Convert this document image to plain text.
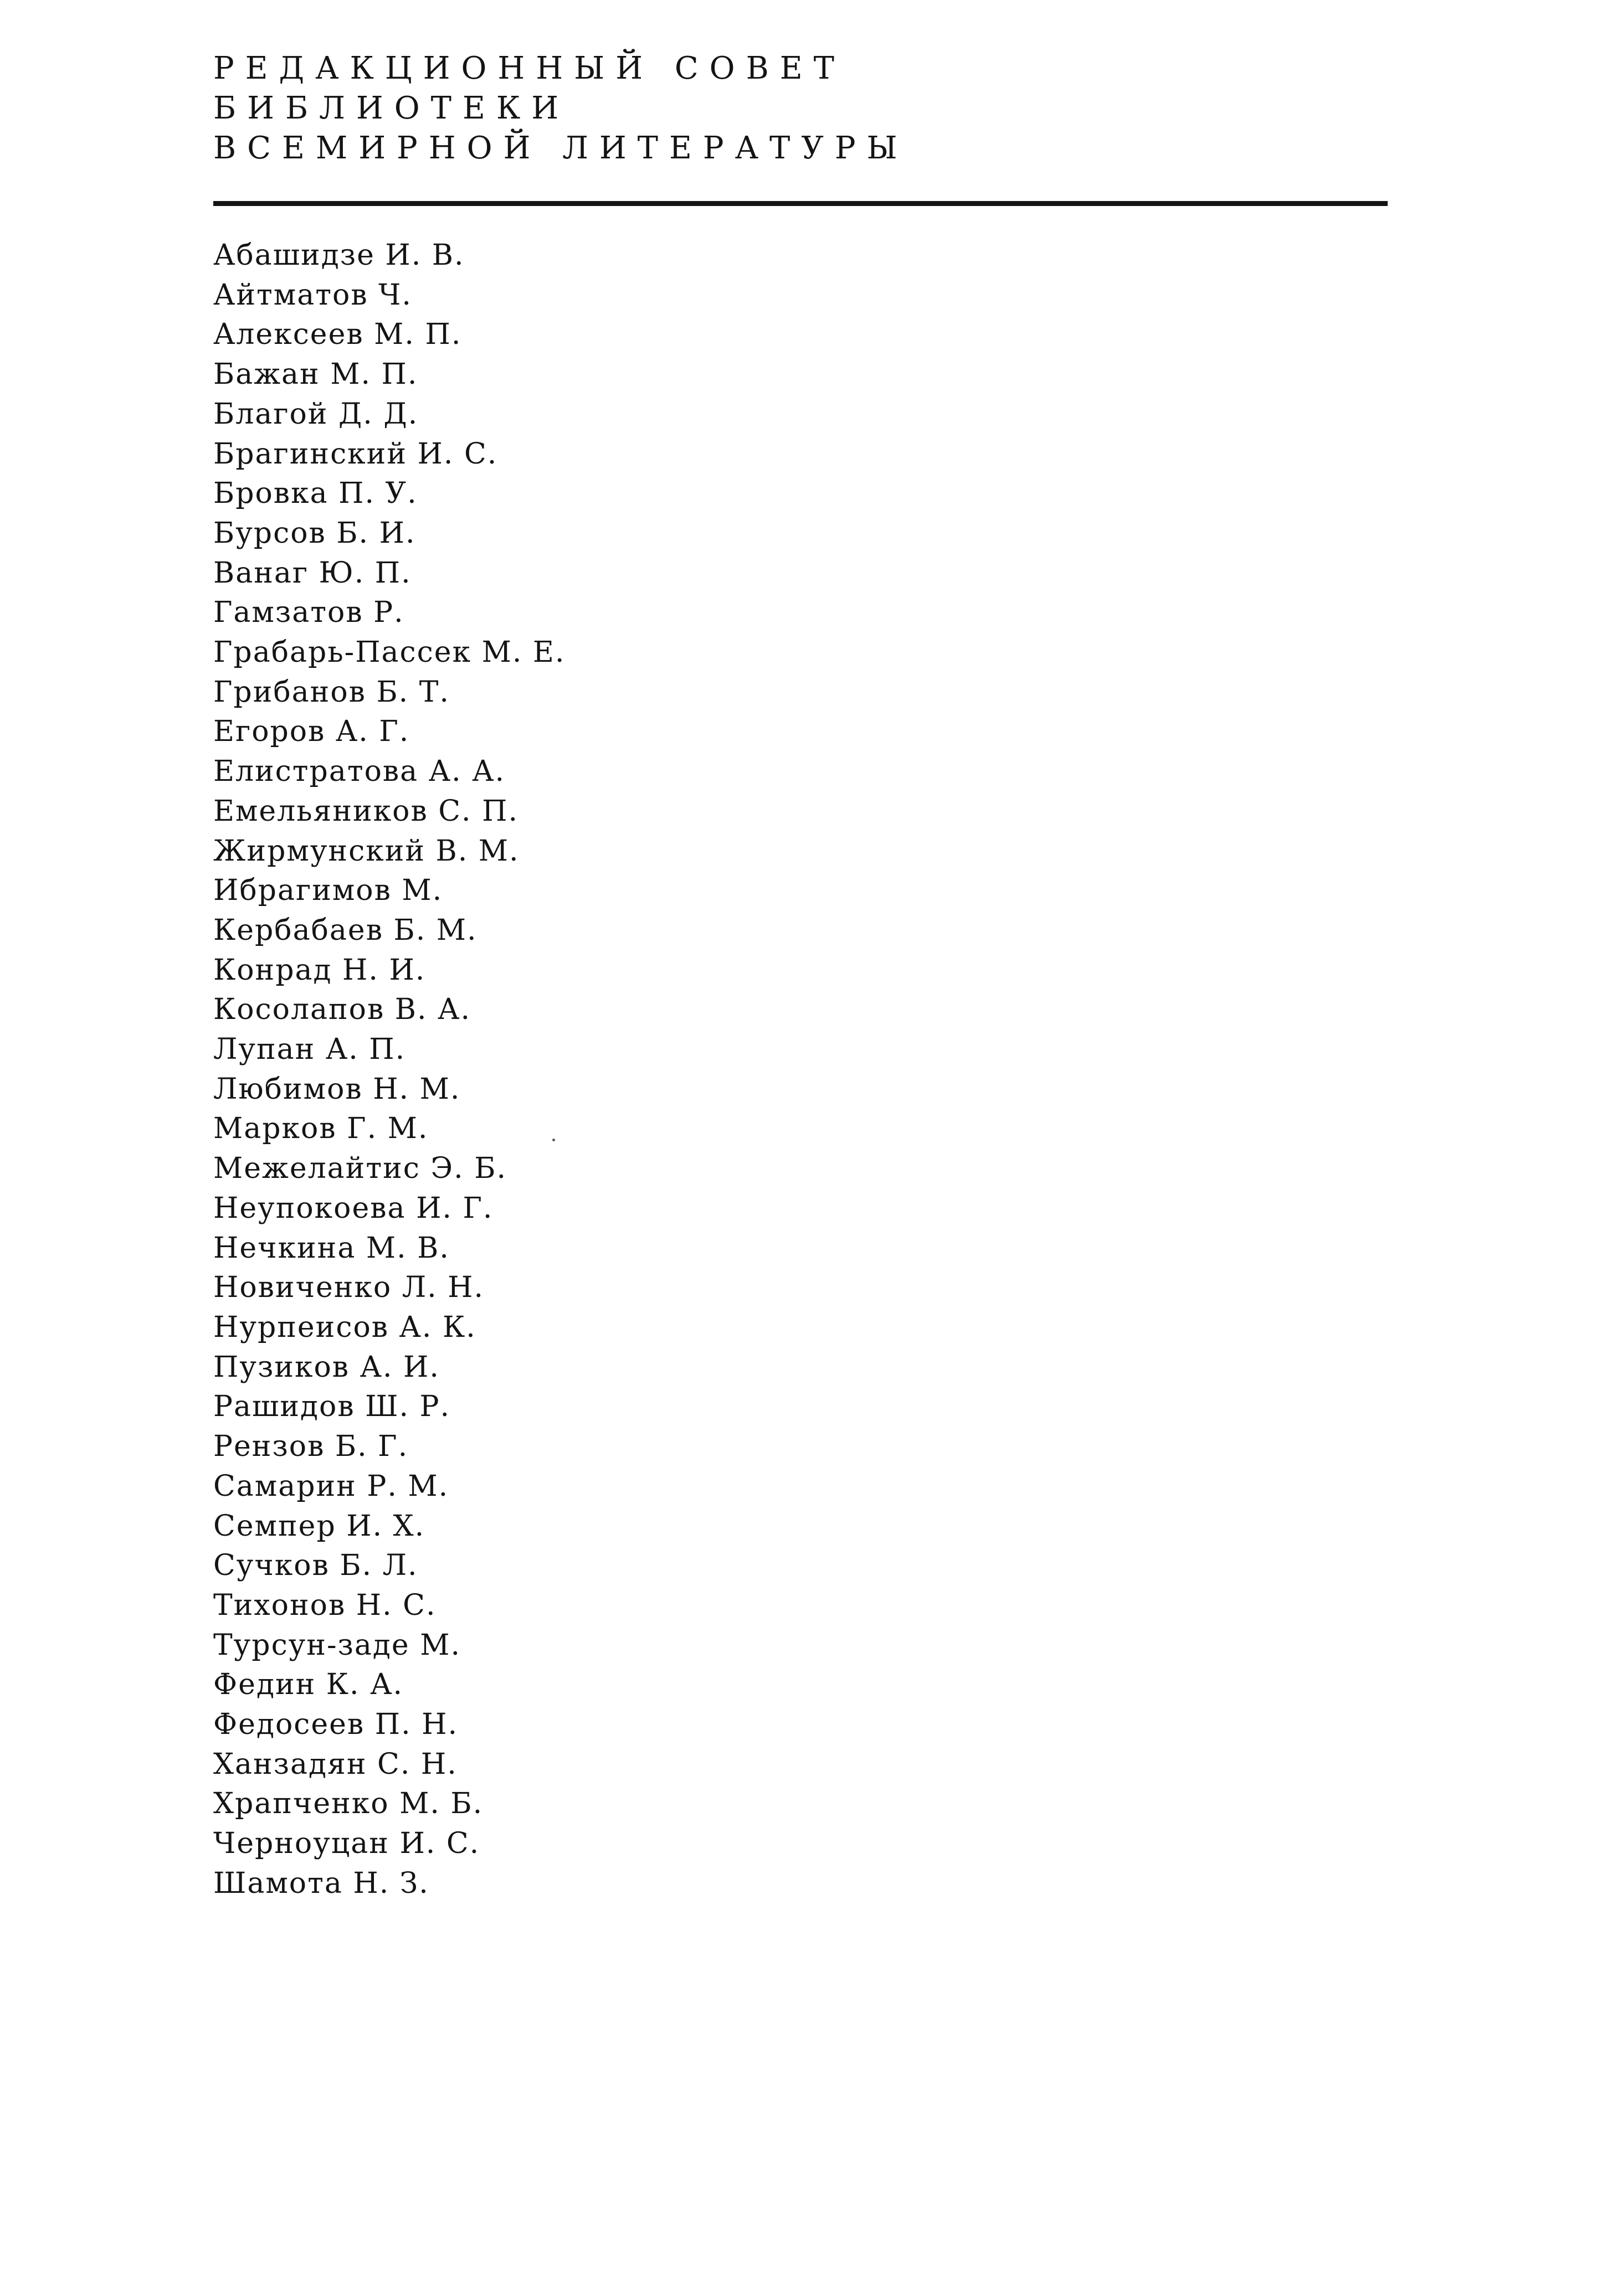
РЕДАКЦИОННЫЙ СОВЕТ
БИБЛИОТЕКИ
ВСЕМИРНОЙ ЛИТЕРАТУРЫ
Абашидзе И. В.
Айтматов Ч.
Алексеев М. П.
Бажан М. П.
Благой Д. Д.
Брагинский И. С.
Бровка П. У.
Бурсов Б. И.
Ванаг Ю. П.
Гамзатов Р.
Грабарь-Пассек М. Е.
Грибанов Б. Т.
Егоров А. Г.
Елистратова А. А.
Емельяников С. П.
Жирмунский В. М.
Ибрагимов М.
Кербабаев Б. М.
Конрад Н. И.
Косолапов В. А.
Лупан А. П.
Любимов Н. М.
Марков Г. М.
Межелайтис Э. Б.
Неупокоева И. Г.
Нечкина М. В.
Новиченко Л. Н.
Нурпеисов А. К.
Пузиков А. И.
Рашидов Ш. Р.
Рензов Б. Г.
Самарин Р. М.
Семпер И. Х.
Сучков Б. Л.
Тихонов Н. С.
Турсун-заде М.
Федин К. А.
Федосеев П. Н.
Ханзадян С. Н.
Храпченко М. Б.
Черноуцан И. С.
Шамота Н. З.
